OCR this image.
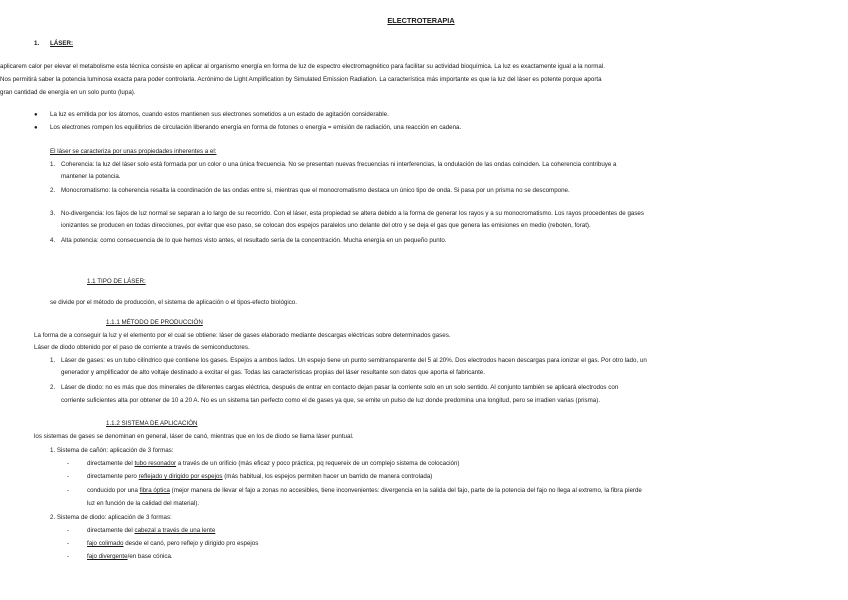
ELECTROTERAPIA
1. LÁSER:
aplicarem calor per elevar el metabolisme esta técnica consiste en aplicar al organismo energía en forma de luz de espectro electromagnético para facilitar su actividad bioquímica. La luz es exactamente igual a la normal.
Nos permitirá saber la potencia luminosa exacta para poder controlarla. Acrónimo de Light Amplification by Simulated Emission Radiation. La característica más importante es que la luz del láser es potente porque aporta
gran cantidad de energía en un solo punto (lupa).
● La luz es emitida por los átomos, cuando estos mantienen sus electrones sometidos a un estado de agitación considerable.
● Los electrones rompen los equilibrios de circulación liberando energía en forma de fotones o energía = emisión de radiación, una reacción en cadena.
El láser se caracteriza por unas propiedades inherentes a el:
1. Coherencia: la luz del láser solo está formada por un color o una única frecuencia. No se presentan nuevas frecuencias ni interferencias, la ondulación de las ondas coinciden. La coherencia contribuye a
mantener la potencia.
2. Monocromatismo: la coherencia resalta la coordinación de las ondas entre si, mientras que el monocromatismo destaca un único tipo de onda. Si pasa por un prisma no se descompone.
3. No-divergencia: los fajos de luz normal se separan a lo largo de su recorrido. Con el láser, esta propiedad se altera debido a la forma de generar los rayos y a su monocromatismo. Los rayos procedentes de gases
ionizantes se producen en todas direcciones, por evitar que eso paso, se colocan dos espejos paralelos uno delante del otro y se deja el gas que genera las emisiones en medio (reboten, forat).
4. Alta potencia: como consecuencia de lo que hemos visto antes, el resultado sería de la concentración. Mucha energía en un pequeño punto.
1.1 TIPO DE LÁSER:
se divide por el método de producción, el sistema de aplicación o el tipos-efecto biológico.
1.1.1 MÉTODO DE PRODUCCIÓN
La forma de a conseguir la luz y el elemento por el cual se obtiene: láser de gases elaborado mediante descargas eléctricas sobre determinados gases.
Láser de diodo obtenido por el paso de corriente a través de semiconductores.
1. Láser de gases: es un tubo cilíndrico que contiene los gases. Espejos a ambos lados. Un espejo tiene un punto semitransparente del 5 al 20%. Dos electrodos hacen descargas para ionizar el gas. Por otro lado, un
generador y amplificador de alto voltaje destinado a excitar el gas. Todas las características propias del láser resultante son datos que aporta el fabricante.
2. Láser de diodo: no es más que dos minerales de diferentes cargas eléctrica, después de entrar en contacto dejan pasar la corriente solo en un solo sentido. Al conjunto también se aplicará electrodos con
corriente suficientes alta por obtener de 10 a 20 A. No es un sistema tan perfecto como el de gases ya que, se emite un pulso de luz donde predomina una longitud, pero se irradien varias (prisma).
1.1.2 SISTEMA DE APLICACIÓN
los sistemas de gases se denominan en general, láser de canó, mientras que en los de diodo se llama láser puntual.
1. Sistema de cañón: aplicación de 3 formas:
-	directamente del tubo resonador a través de un orificio (más eficaz y poco práctica, pq requereix de un complejo sistema de colocación)
-	directamente pero reflejado y dirigido por espejos (más habitual, los espejos permiten hacer un barrido de manera controlada)
-	conducido por una fibra óptica (mejor manera de llevar el fajo a zonas no accesibles, tiene inconvenientes: divergencia en la salida del fajo, parte de la potencia del fajo no llega al extremo, la fibra pierde
luz en función de la calidad del material).
2. Sistema de diodo: aplicación de 3 formas:
-	directamente del cabezal a través de una lente
-	fajo colimado desde el canó, pero reflejo y dirigido pro espejos
-	fajo divergente/en base cónica.
